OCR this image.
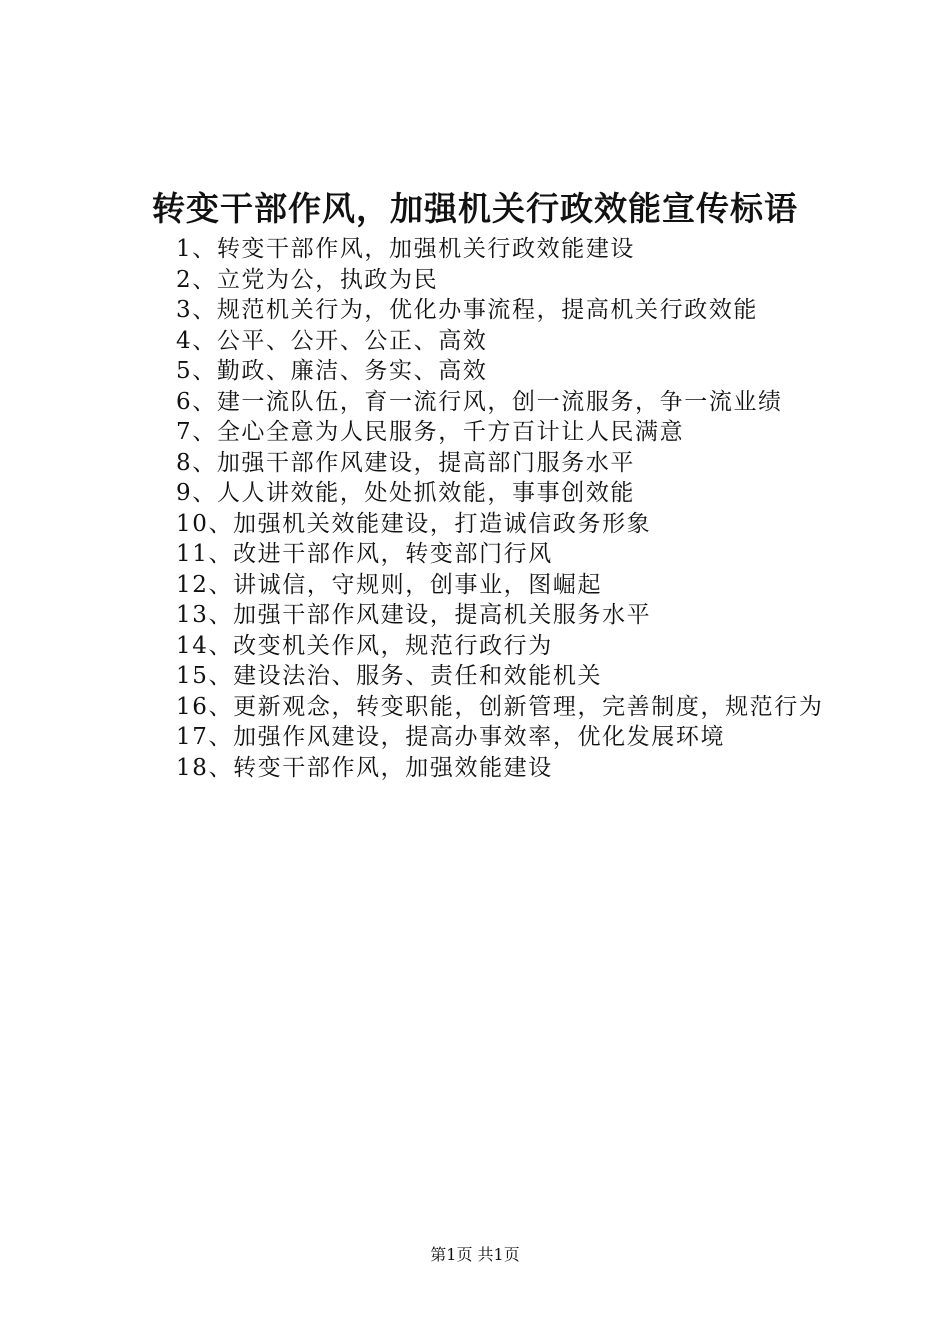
转变干部作风，加强机关行政效能宣传标语
1、转变干部作风，加强机关行政效能建设
2、立党为公，执政为民
3、规范机关行为，优化办事流程，提高机关行政效能
4、公平、公开、公正、高效
5、勤政、廉洁、务实、高效
6、建一流队伍，育一流行风，创一流服务，争一流业绩
7、全心全意为人民服务，千方百计让人民满意
8、加强干部作风建设，提高部门服务水平
9、人人讲效能，处处抓效能，事事创效能
10、加强机关效能建设，打造诚信政务形象
11、改进干部作风，转变部门行风
12、讲诚信，守规则，创事业，图崛起
13、加强干部作风建设，提高机关服务水平
14、改变机关作风，规范行政行为
15、建设法治、服务、责任和效能机关
16、更新观念，转变职能，创新管理，完善制度，规范行为
17、加强作风建设，提高办事效率，优化发展环境
18、转变干部作风，加强效能建设
第1页 共1页
